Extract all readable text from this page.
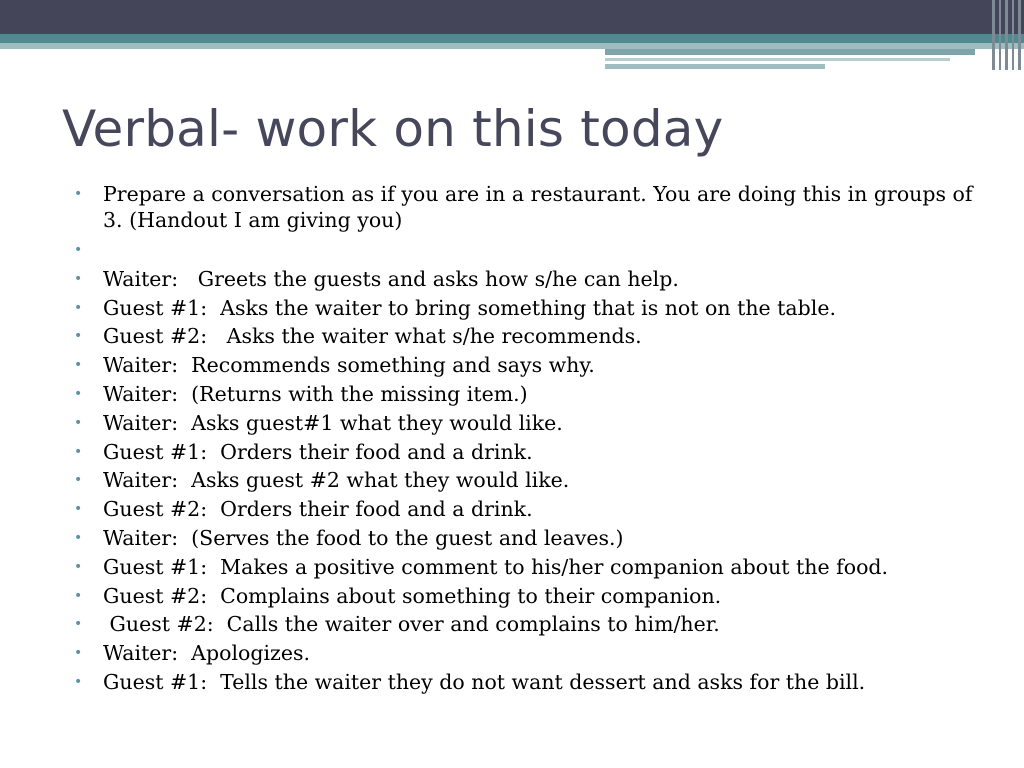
Verbal- work on this today
• Prepare a conversation as if you are in a restaurant. You are doing this in groups of 3. (Handout I am giving you)
•
• Waiter:   Greets the guests and asks how s/he can help.
• Guest #1:  Asks the waiter to bring something that is not on the table.
• Guest #2:   Asks the waiter what s/he recommends.
• Waiter:  Recommends something and says why.
• Waiter:  (Returns with the missing item.)
• Waiter:  Asks guest#1 what they would like.
• Guest #1:  Orders their food and a drink.
• Waiter:  Asks guest #2 what they would like.
• Guest #2:  Orders their food and a drink.
• Waiter:  (Serves the food to the guest and leaves.)
• Guest #1:  Makes a positive comment to his/her companion about the food.
• Guest #2:  Complains about something to their companion.
• Guest #2:  Calls the waiter over and complains to him/her.
• Waiter:  Apologizes.
• Guest #1:  Tells the waiter they do not want dessert and asks for the bill.
